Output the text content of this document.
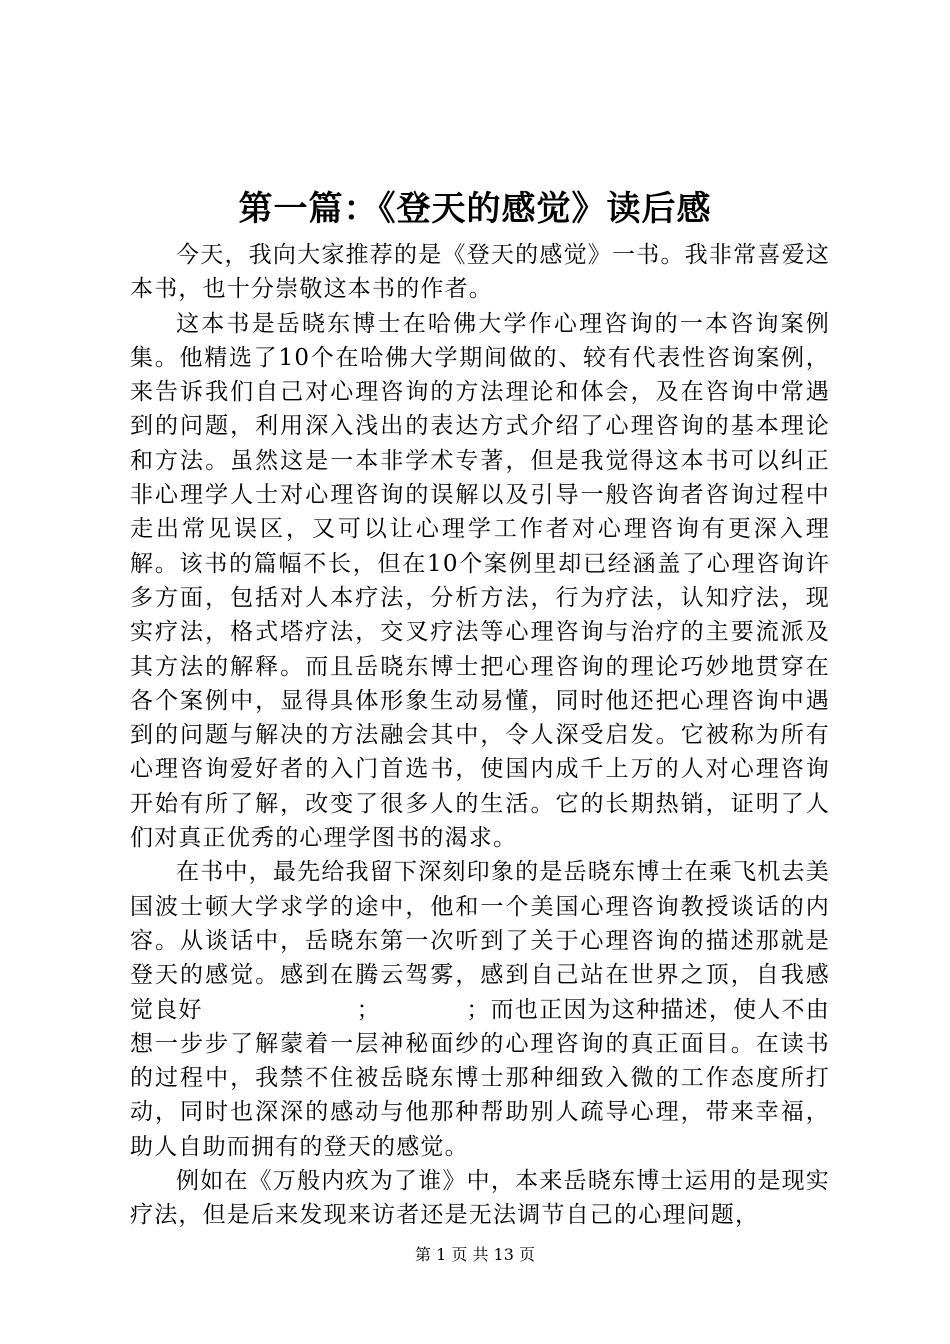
第一篇：《登天的感觉》读后感

今天，我向大家推荐的是《登天的感觉》一书。我非常喜爱这本书，也十分崇敬这本书的作者。

这本书是岳晓东博士在哈佛大学作心理咨询的一本咨询案例集。他精选了10个在哈佛大学期间做的、较有代表性咨询案例，来告诉我们自己对心理咨询的方法理论和体会，及在咨询中常遇到的问题，利用深入浅出的表达方式介绍了心理咨询的基本理论和方法。虽然这是一本非学术专著，但是我觉得这本书可以纠正非心理学人士对心理咨询的误解以及引导一般咨询者咨询过程中走出常见误区，又可以让心理学工作者对心理咨询有更深入理解。该书的篇幅不长，但在10个案例里却已经涵盖了心理咨询许多方面，包括对人本疗法，分析方法，行为疗法，认知疗法，现实疗法，格式塔疗法，交叉疗法等心理咨询与治疗的主要流派及其方法的解释。而且岳晓东博士把心理咨询的理论巧妙地贯穿在各个案例中，显得具体形象生动易懂，同时他还把心理咨询中遇到的问题与解决的方法融会其中，令人深受启发。它被称为所有心理咨询爱好者的入门首选书，使国内成千上万的人对心理咨询开始有所了解，改变了很多人的生活。它的长期热销，证明了人们对真正优秀的心理学图书的渴求。

在书中，最先给我留下深刻印象的是岳晓东博士在乘飞机去美国波士顿大学求学的途中，他和一个美国心理咨询教授谈话的内容。从谈话中，岳晓东第一次听到了关于心理咨询的描述那就是登天的感觉。感到在腾云驾雾，感到自己站在世界之顶，自我感觉良好                  ；          ；而也正因为这种描述，使人不由想一步步了解蒙着一层神秘面纱的心理咨询的真正面目。在读书的过程中，我禁不住被岳晓东博士那种细致入微的工作态度所打动，同时也深深的感动与他那种帮助别人疏导心理，带来幸福，助人自助而拥有的登天的感觉。

例如在《万般内疚为了谁》中，本来岳晓东博士运用的是现实疗法，但是后来发现来访者还是无法调节自己的心理问题，

第 1 页 共 13 页
